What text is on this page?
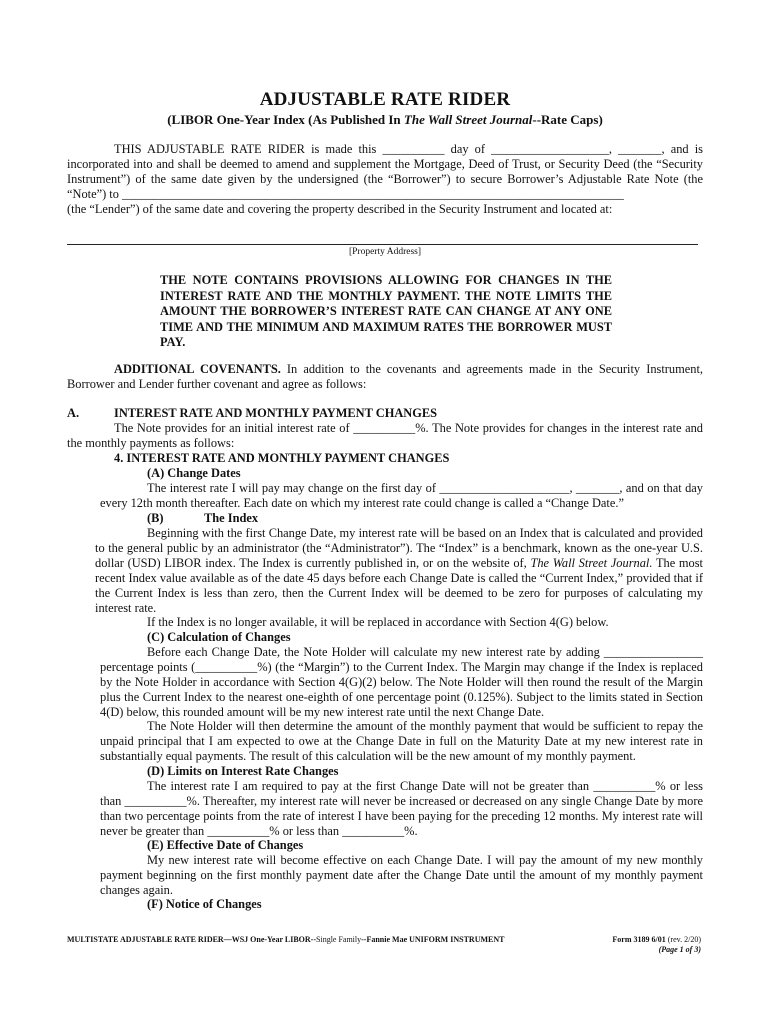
ADJUSTABLE RATE RIDER
(LIBOR One-Year Index (As Published In The Wall Street Journal--Rate Caps)
THIS ADJUSTABLE RATE RIDER is made this __________ day of ___________________, _______, and is incorporated into and shall be deemed to amend and supplement the Mortgage, Deed of Trust, or Security Deed (the “Security Instrument”) of the same date given by the undersigned (the “Borrower”) to secure Borrower’s Adjustable Rate Note (the “Note”) to _________________________________________________________________________________
(the “Lender”) of the same date and covering the property described in the Security Instrument and located at:
[Property Address]
THE NOTE CONTAINS PROVISIONS ALLOWING FOR CHANGES IN THE INTEREST RATE AND THE MONTHLY PAYMENT. THE NOTE LIMITS THE AMOUNT THE BORROWER’S INTEREST RATE CAN CHANGE AT ANY ONE TIME AND THE MINIMUM AND MAXIMUM RATES THE BORROWER MUST PAY.
ADDITIONAL COVENANTS. In addition to the covenants and agreements made in the Security Instrument, Borrower and Lender further covenant and agree as follows:
A.	INTEREST RATE AND MONTHLY PAYMENT CHANGES
The Note provides for an initial interest rate of __________%. The Note provides for changes in the interest rate and the monthly payments as follows:
4. INTEREST RATE AND MONTHLY PAYMENT CHANGES
(A) Change Dates
The interest rate I will pay may change on the first day of _____________________, _______, and on that day every 12th month thereafter. Each date on which my interest rate could change is called a “Change Date.”
(B)	The Index
Beginning with the first Change Date, my interest rate will be based on an Index that is calculated and provided to the general public by an administrator (the “Administrator”). The “Index” is a benchmark, known as the one-year U.S. dollar (USD) LIBOR index. The Index is currently published in, or on the website of, The Wall Street Journal. The most recent Index value available as of the date 45 days before each Change Date is called the “Current Index,” provided that if the Current Index is less than zero, then the Current Index will be deemed to be zero for purposes of calculating my interest rate.
If the Index is no longer available, it will be replaced in accordance with Section 4(G) below.
(C) Calculation of Changes
Before each Change Date, the Note Holder will calculate my new interest rate by adding ________________ percentage points (__________%) (the “Margin”) to the Current Index. The Margin may change if the Index is replaced by the Note Holder in accordance with Section 4(G)(2) below. The Note Holder will then round the result of the Margin plus the Current Index to the nearest one-eighth of one percentage point (0.125%). Subject to the limits stated in Section 4(D) below, this rounded amount will be my new interest rate until the next Change Date.
The Note Holder will then determine the amount of the monthly payment that would be sufficient to repay the unpaid principal that I am expected to owe at the Change Date in full on the Maturity Date at my new interest rate in substantially equal payments. The result of this calculation will be the new amount of my monthly payment.
(D) Limits on Interest Rate Changes
The interest rate I am required to pay at the first Change Date will not be greater than __________% or less than __________%. Thereafter, my interest rate will never be increased or decreased on any single Change Date by more than two percentage points from the rate of interest I have been paying for the preceding 12 months. My interest rate will never be greater than __________% or less than __________%.
(E) Effective Date of Changes
My new interest rate will become effective on each Change Date. I will pay the amount of my new monthly payment beginning on the first monthly payment date after the Change Date until the amount of my monthly payment changes again.
(F) Notice of Changes
MULTISTATE ADJUSTABLE RATE RIDER—WSJ One-Year LIBOR--Single Family--Fannie Mae UNIFORM INSTRUMENT	Form 3189 6/01 (rev. 2/20)
(Page 1 of 3)
